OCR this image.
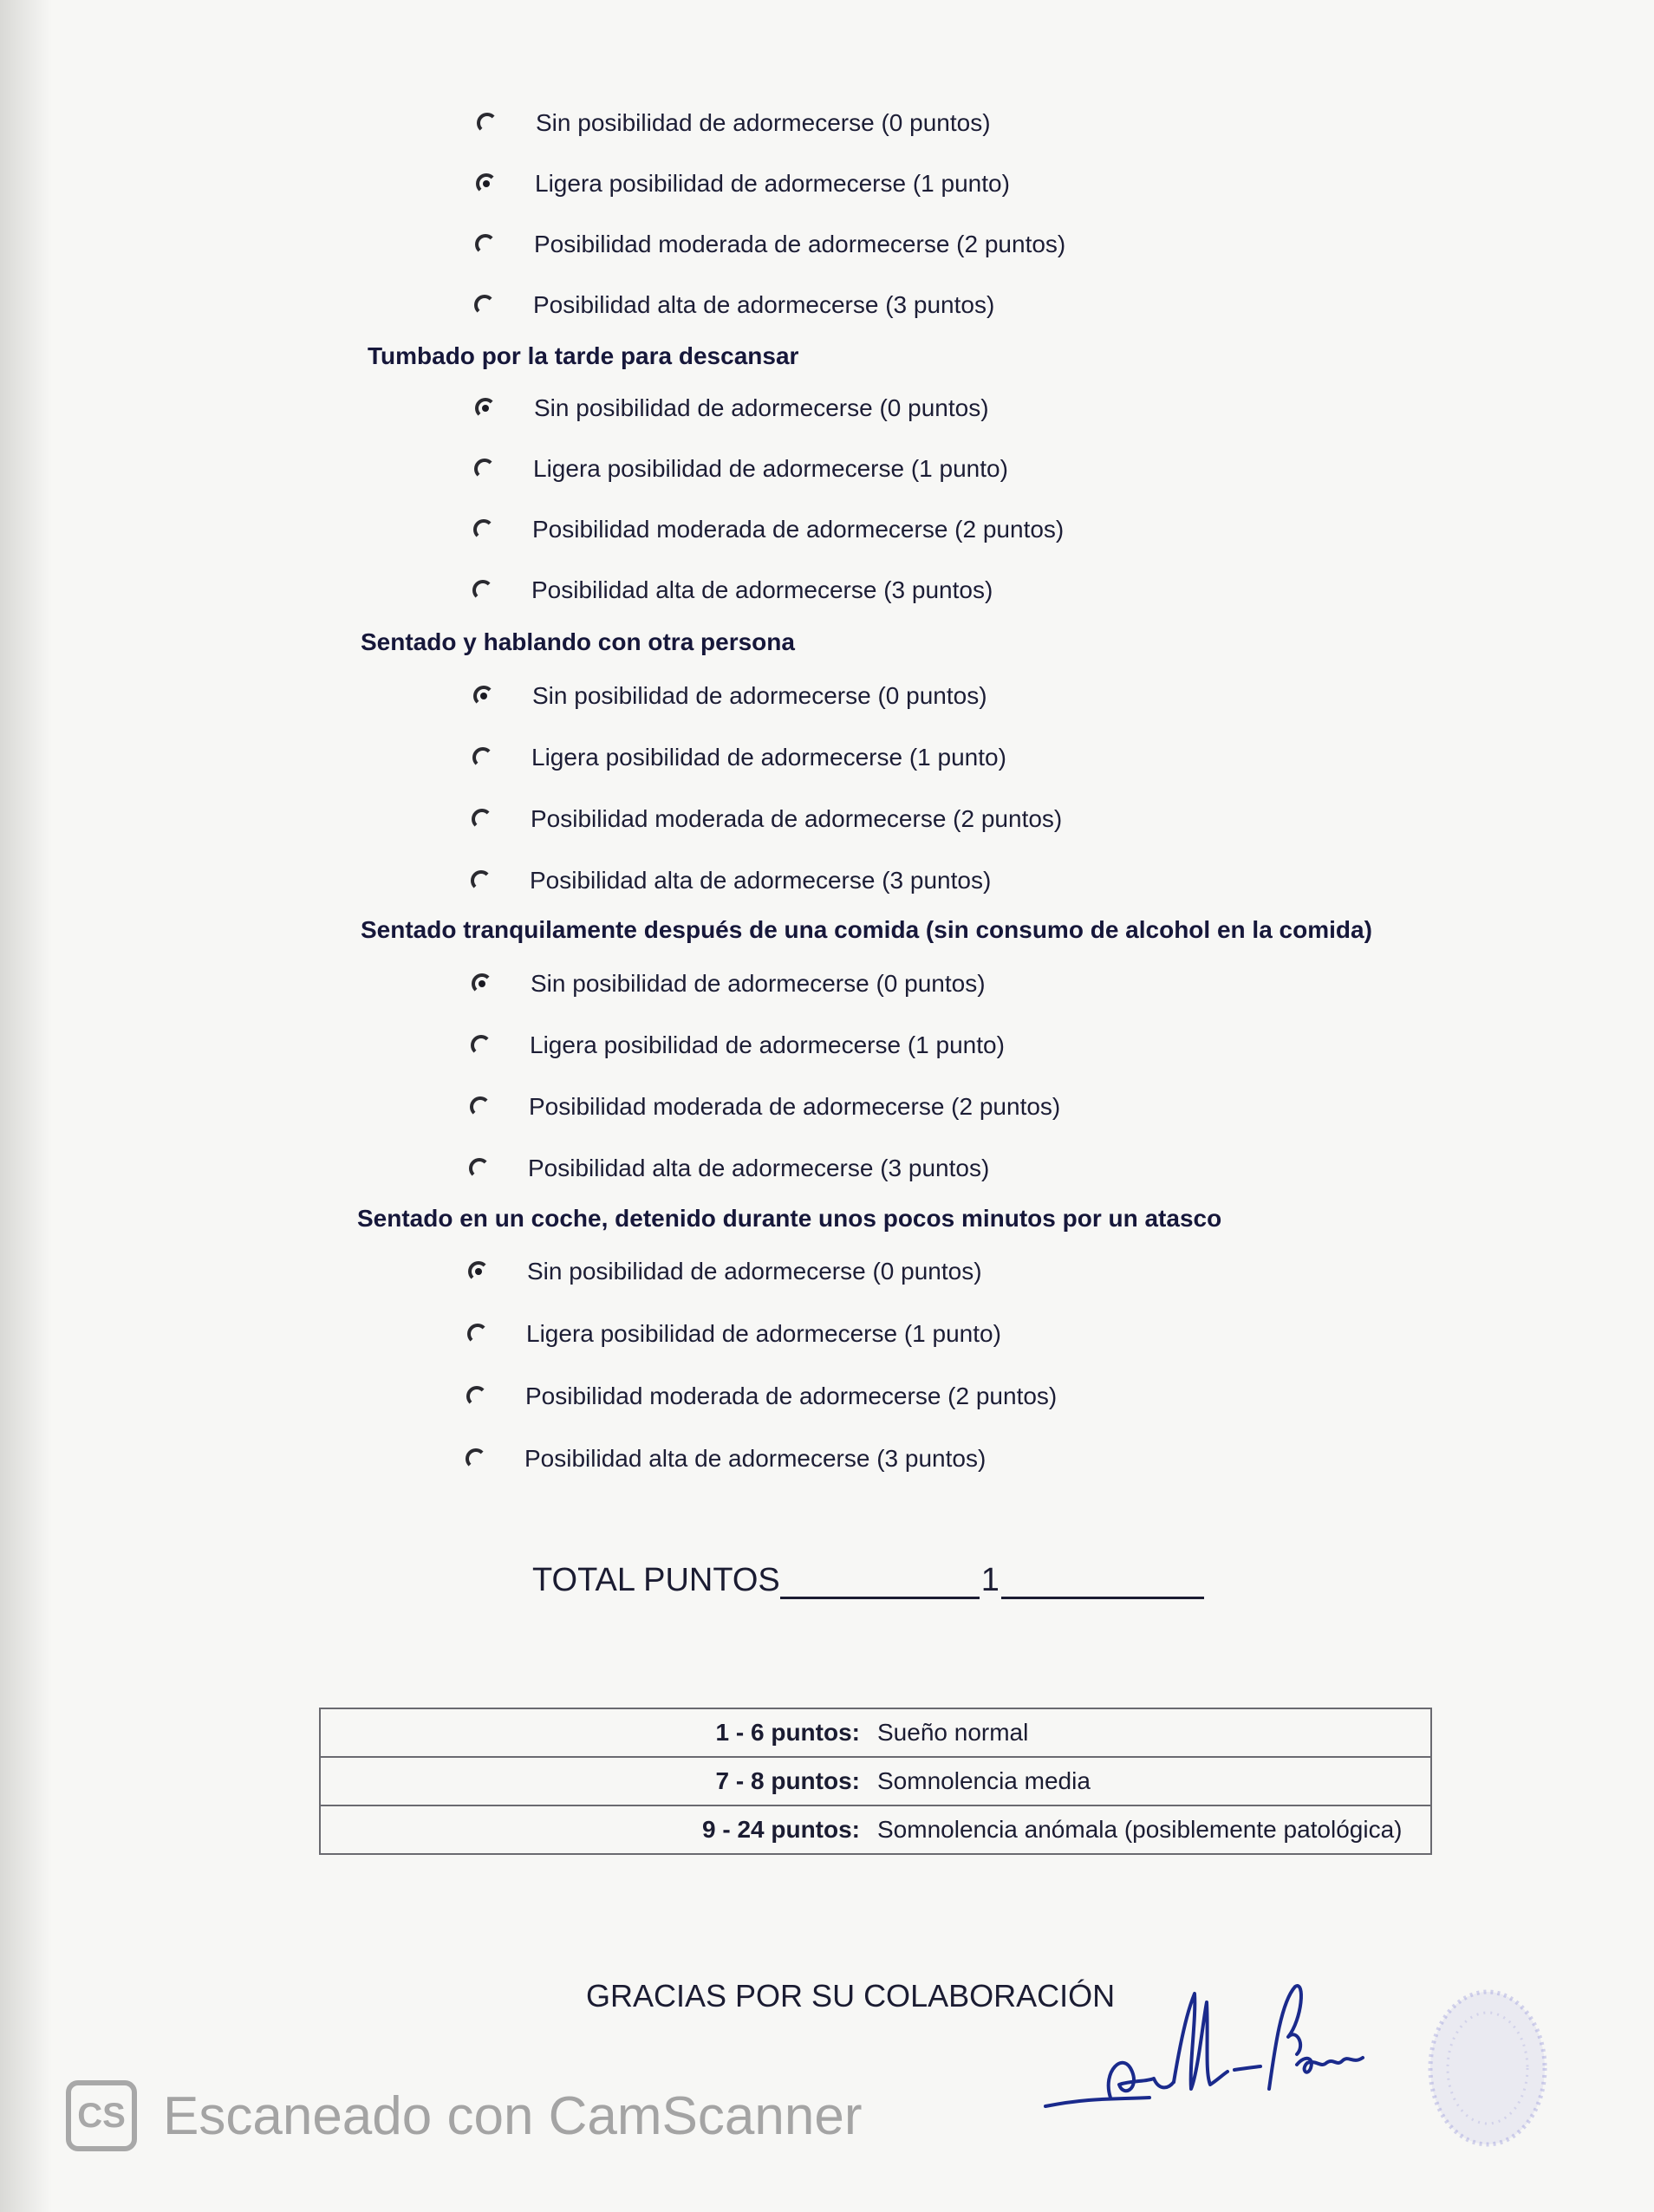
Sin posibilidad de adormecerse (0 puntos)
Ligera posibilidad de adormecerse (1 punto)
Posibilidad moderada de adormecerse (2 puntos)
Posibilidad alta de adormecerse (3 puntos)
Tumbado por la tarde para descansar
Sin posibilidad de adormecerse (0 puntos)
Ligera posibilidad de adormecerse (1 punto)
Posibilidad moderada de adormecerse (2 puntos)
Posibilidad alta de adormecerse (3 puntos)
Sentado y hablando con otra persona
Sin posibilidad de adormecerse (0 puntos)
Ligera posibilidad de adormecerse (1 punto)
Posibilidad moderada de adormecerse (2 puntos)
Posibilidad alta de adormecerse (3 puntos)
Sentado tranquilamente después de una comida (sin consumo de alcohol en la comida)
Sin posibilidad de adormecerse (0 puntos)
Ligera posibilidad de adormecerse (1 punto)
Posibilidad moderada de adormecerse (2 puntos)
Posibilidad alta de adormecerse (3 puntos)
Sentado en un coche, detenido durante unos pocos minutos por un atasco
Sin posibilidad de adormecerse (0 puntos)
Ligera posibilidad de adormecerse (1 punto)
Posibilidad moderada de adormecerse (2 puntos)
Posibilidad alta de adormecerse (3 puntos)
TOTAL PUNTOS	1
1 - 6 puntos:	Sueño normal
7 - 8 puntos:	Somnolencia media
9 - 24 puntos:	Somnolencia anómala (posiblemente patológica)
GRACIAS POR SU COLABORACIÓN
CS Escaneado con CamScanner
